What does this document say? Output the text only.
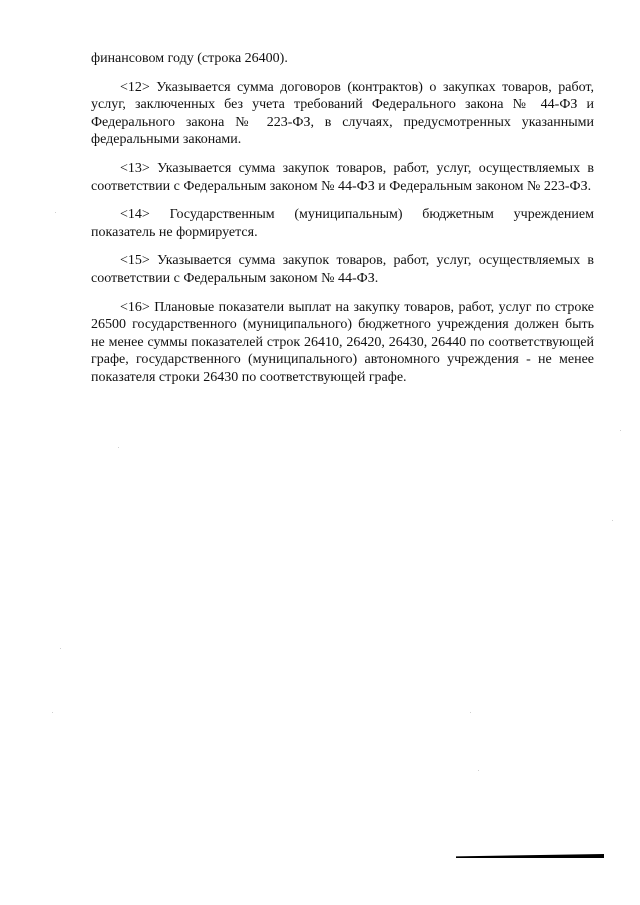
финансовом году (строка 26400).

<12> Указывается сумма договоров (контрактов) о закупках товаров, работ, услуг, заключенных без учета требований Федерального закона № 44-ФЗ и Федерального закона № 223-ФЗ, в случаях, предусмотренных указанными федеральными законами.

<13> Указывается сумма закупок товаров, работ, услуг, осуществляемых в соответствии с Федеральным законом № 44-ФЗ и Федеральным законом № 223-ФЗ.

<14> Государственным (муниципальным) бюджетным учреждением показатель не формируется.

<15> Указывается сумма закупок товаров, работ, услуг, осуществляемых в соответствии с Федеральным законом № 44-ФЗ.

<16> Плановые показатели выплат на закупку товаров, работ, услуг по строке 26500 государственного (муниципального) бюджетного учреждения должен быть не менее суммы показателей строк 26410, 26420, 26430, 26440 по соответствующей графе, государственного (муниципального) автономного учреждения - не менее показателя строки 26430 по соответствующей графе.
